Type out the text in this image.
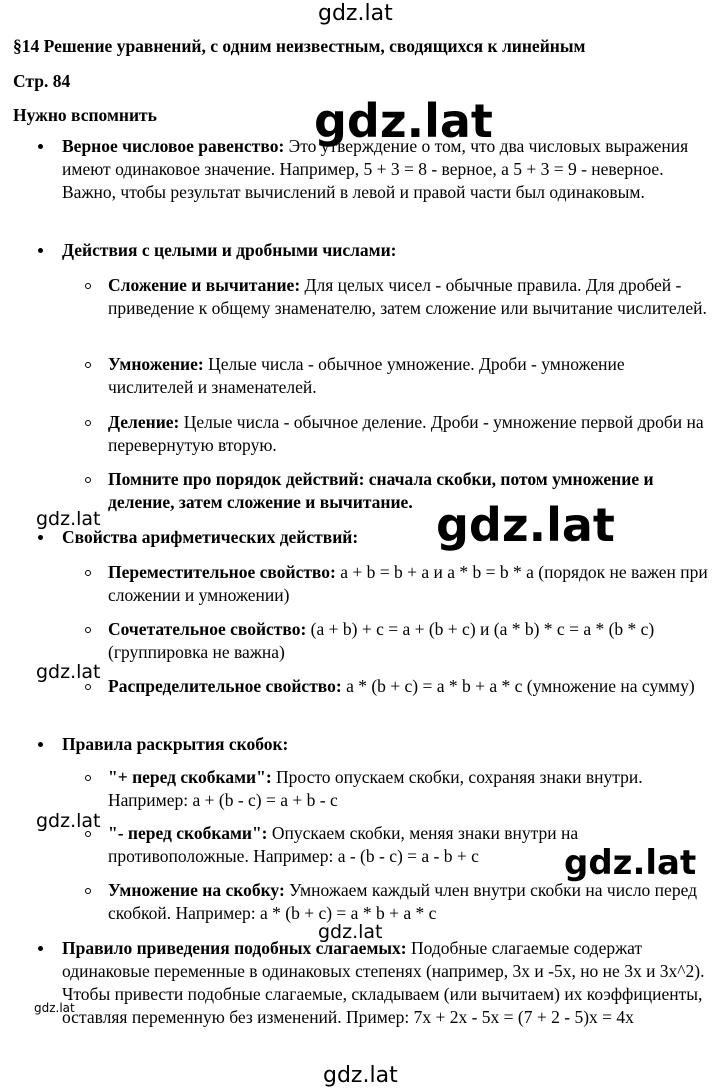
gdz.lat
gdz.lat
gdz.lat
gdz.lat
gdz.lat
gdz.lat
gdz.lat
gdz.lat
gdz.lat
gdz.lat
§14 Решение уравнений, с одним неизвестным, сводящихся к линейным
Стр. 84
Нужно вспомнить
Верное числовое равенство: Это утверждение о том, что два числовых выражения имеют одинаковое значение. Например, 5 + 3 = 8 - верное, а 5 + 3 = 9 - неверное. Важно, чтобы результат вычислений в левой и правой части был одинаковым.
Действия с целыми и дробными числами:
Сложение и вычитание: Для целых чисел - обычные правила. Для дробей - приведение к общему знаменателю, затем сложение или вычитание числителей.
Умножение: Целые числа - обычное умножение. Дроби - умножение числителей и знаменателей.
Деление: Целые числа - обычное деление. Дроби - умножение первой дроби на перевернутую вторую.
Помните про порядок действий: сначала скобки, потом умножение и деление, затем сложение и вычитание.
Свойства арифметических действий:
Переместительное свойство: a + b = b + a и a * b = b * a (порядок не важен при сложении и умножении)
Сочетательное свойство: (a + b) + c = a + (b + c) и (a * b) * c = a * (b * c) (группировка не важна)
Распределительное свойство: a * (b + c) = a * b + a * c (умножение на сумму)
Правила раскрытия скобок:
"+ перед скобками": Просто опускаем скобки, сохраняя знаки внутри. Например: a + (b - c) = a + b - c
"- перед скобками": Опускаем скобки, меняя знаки внутри на противоположные. Например: a - (b - c) = a - b + c
Умножение на скобку: Умножаем каждый член внутри скобки на число перед скобкой. Например: a * (b + c) = a * b + a * c
Правило приведения подобных слагаемых: Подобные слагаемые содержат одинаковые переменные в одинаковых степенях (например, 3x и -5x, но не 3x и 3x^2). Чтобы привести подобные слагаемые, складываем (или вычитаем) их коэффициенты, оставляя переменную без изменений. Пример: 7x + 2x - 5x = (7 + 2 - 5)x = 4x
